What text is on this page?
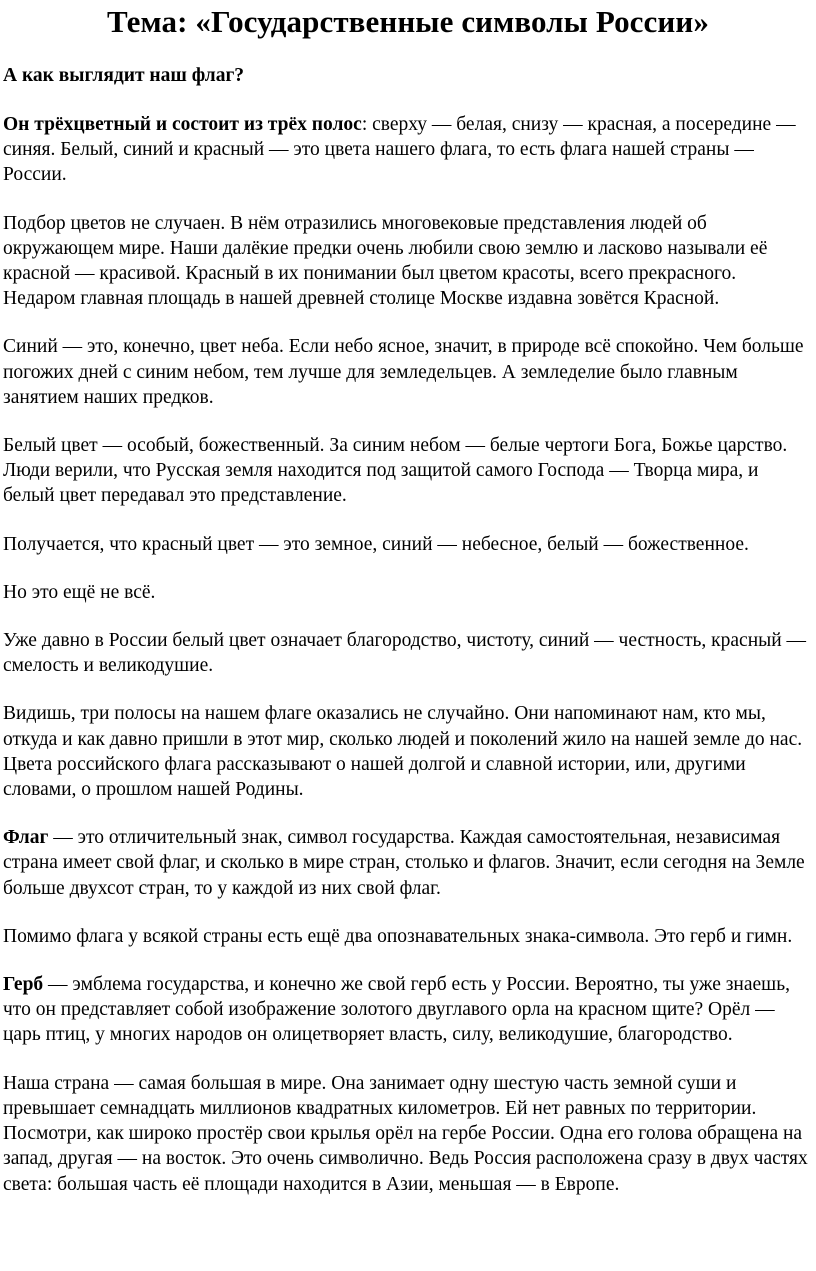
Тема: «Государственные символы России»
А как выглядит наш флаг?

Он трёхцветный и состоит из трёх полос: сверху — белая, снизу — красная, а посередине — синяя. Белый, синий и красный — это цвета нашего флага, то есть флага нашей страны — России.

Подбор цветов не случаен. В нём отразились многовековые представления людей об окружающем мире. Наши далёкие предки очень любили свою землю и ласково называли её красной — красивой. Красный в их понимании был цветом красоты, всего прекрасного. Недаром главная площадь в нашей древней столице Москве издавна зовётся Красной.

Синий — это, конечно, цвет неба. Если небо ясное, значит, в природе всё спокойно. Чем больше погожих дней с синим небом, тем лучше для земледельцев. А земледелие было главным занятием наших предков.

Белый цвет — особый, божественный. За синим небом — белые чертоги Бога, Божье царство. Люди верили, что Русская земля находится под защитой самого Господа — Творца мира, и белый цвет передавал это представление.

Получается, что красный цвет — это земное, синий — небесное, белый — божественное.

Но это ещё не всё.

Уже давно в России белый цвет означает благородство, чистоту, синий — честность, красный — смелость и великодушие.

Видишь, три полосы на нашем флаге оказались не случайно. Они напоминают нам, кто мы, откуда и как давно пришли в этот мир, сколько людей и поколений жило на нашей земле до нас. Цвета российского флага рассказывают о нашей долгой и славной истории, или, другими словами, о прошлом нашей Родины.

Флаг — это отличительный знак, символ государства. Каждая самостоятельная, независимая страна имеет свой флаг, и сколько в мире стран, столько и флагов. Значит, если сегодня на Земле больше двухсот стран, то у каждой из них свой флаг.

Помимо флага у всякой страны есть ещё два опознавательных знака-символа. Это герб и гимн.

Герб — эмблема государства, и конечно же свой герб есть у России. Вероятно, ты уже знаешь, что он представляет собой изображение золотого двуглавого орла на красном щите? Орёл — царь птиц, у многих народов он олицетворяет власть, силу, великодушие, благородство.

Наша страна — самая большая в мире. Она занимает одну шестую часть земной суши и превышает семнадцать миллионов квадратных километров. Ей нет равных по территории. Посмотри, как широко простёр свои крылья орёл на гербе России. Одна его голова обращена на запад, другая — на восток. Это очень символично. Ведь Россия расположена сразу в двух частях света: большая часть её площади находится в Азии, меньшая — в Европе.
